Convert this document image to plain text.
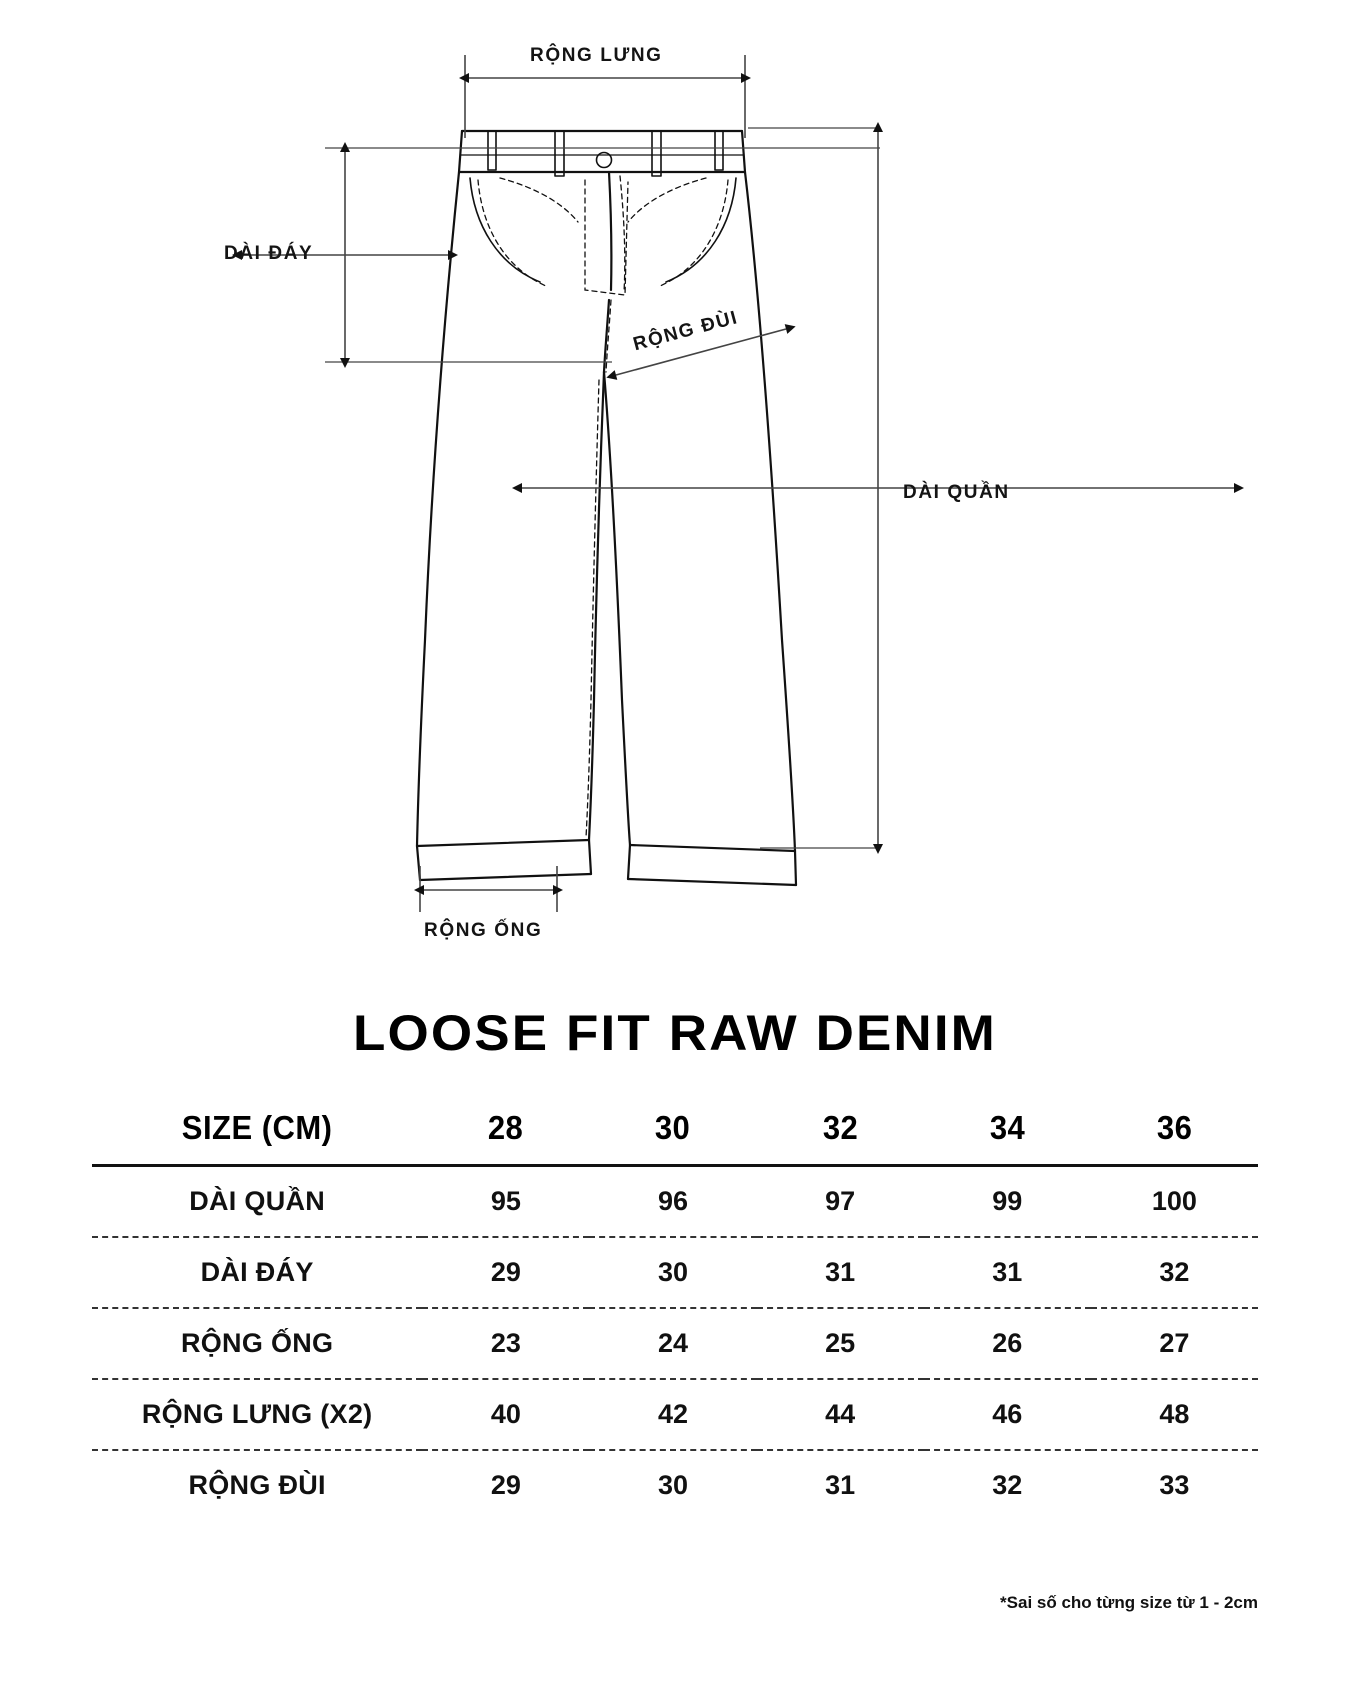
RỘNG LƯNG
DÀI ĐÁY
RỘNG ĐÙI
DÀI QUẦN
RỘNG ỐNG
LOOSE FIT RAW DENIM
SIZE (CM)	28	30	32	34	36

DÀI QUẦN	95	96	97	99	100

DÀI ĐÁY	29	30	31	31	32

RỘNG ỐNG	23	24	25	26	27

RỘNG LƯNG (X2)	40	42	44	46	48

RỘNG ĐÙI	29	30	31	32	33
*Sai số cho từng size từ 1 - 2cm
